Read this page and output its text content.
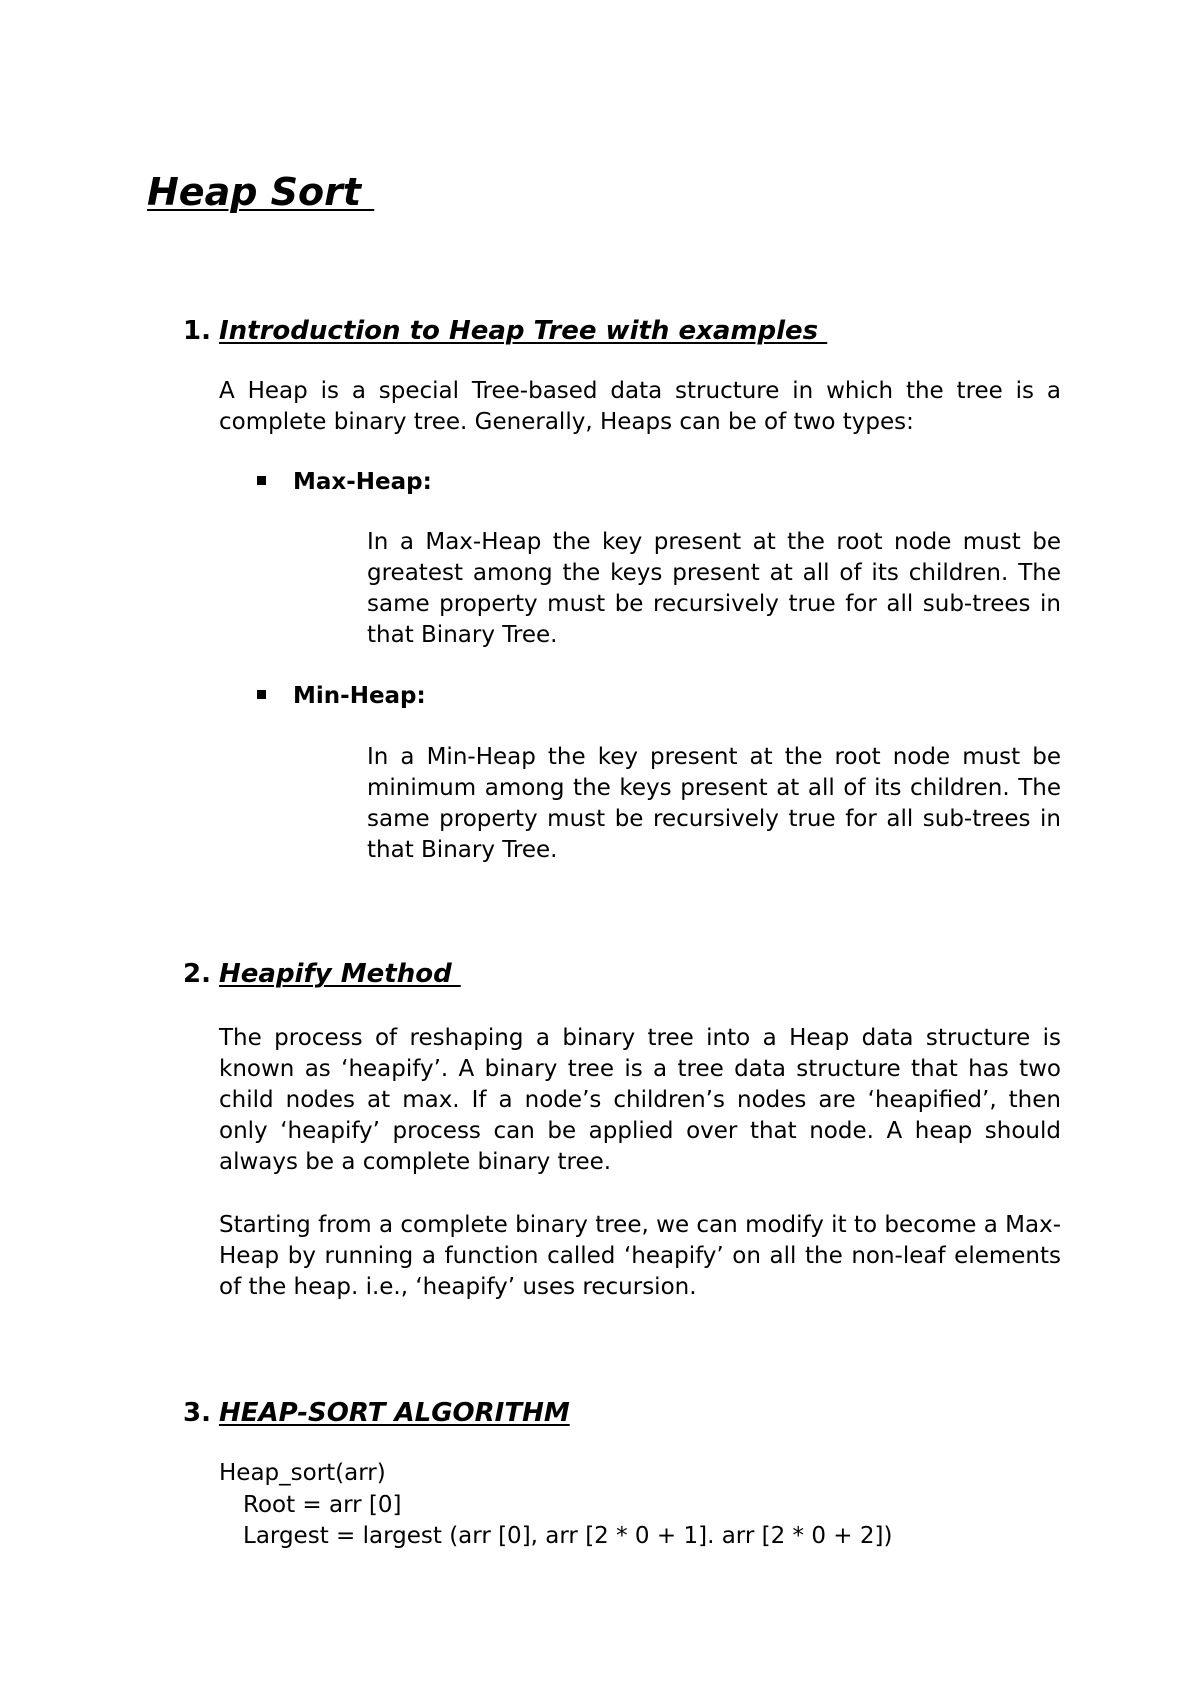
Heap Sort
1. Introduction to Heap Tree with examples

A Heap is a special Tree-based data structure in which the tree is a complete binary tree. Generally, Heaps can be of two types:

Max-Heap:

In a Max-Heap the key present at the root node must be greatest among the keys present at all of its children. The same property must be recursively true for all sub-trees in that Binary Tree.

Min-Heap:

In a Min-Heap the key present at the root node must be minimum among the keys present at all of its children. The same property must be recursively true for all sub-trees in that Binary Tree.

2. Heapify Method

The process of reshaping a binary tree into a Heap data structure is known as ‘heapify’. A binary tree is a tree data structure that has two child nodes at max. If a node’s children’s nodes are ‘heapified’, then only ‘heapify’ process can be applied over that node. A heap should always be a complete binary tree.

Starting from a complete binary tree, we can modify it to become a Max-Heap by running a function called ‘heapify’ on all the non-leaf elements of the heap. i.e., ‘heapify’ uses recursion.

3. HEAP-SORT ALGORITHM
Heap_sort(arr)
Root = arr [0]
Largest = largest (arr [0], arr [2 * 0 + 1]. arr [2 * 0 + 2])
